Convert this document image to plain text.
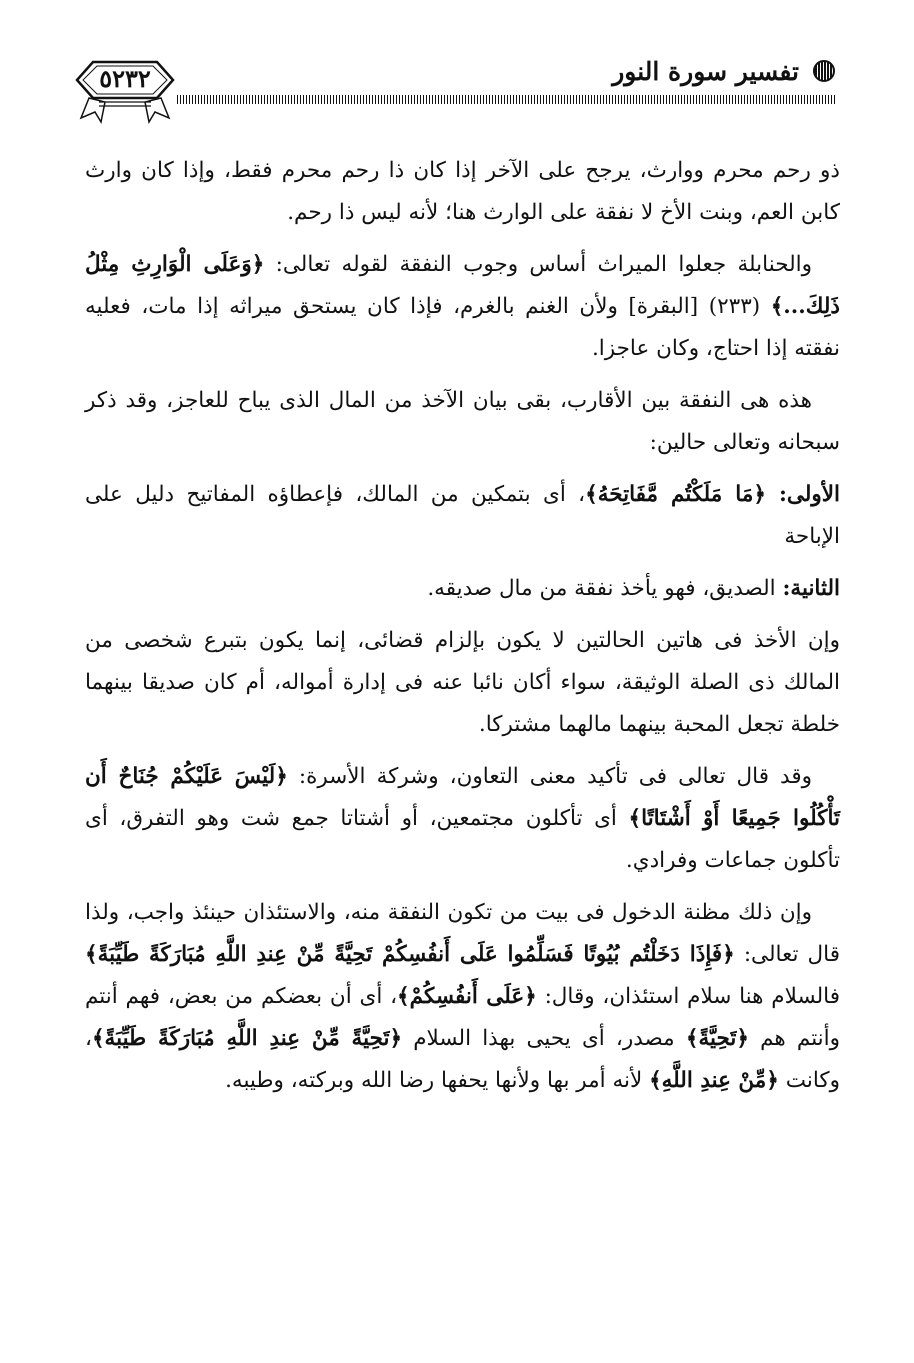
٥٢٣٢	تفسير سورة النور

ذو رحم محرم ووارث، يرجح على الآخر إذا كان ذا رحم محرم فقط، وإذا كان وارث كابن العم، وبنت الأخ لا نفقة على الوارث هنا؛ لأنه ليس ذا رحم.

والحنابلة جعلوا الميراث أساس وجوب النفقة لقوله تعالى: ﴿وَعَلَى الْوَارِثِ مِثْلُ ذَلِكَ...﴾ (٢٣٣) [البقرة] ولأن الغنم بالغرم، فإذا كان يستحق ميراثه إذا مات، فعليه نفقته إذا احتاج، وكان عاجزا.

هذه هى النفقة بين الأقارب، بقى بيان الآخذ من المال الذى يباح للعاجز، وقد ذكر سبحانه وتعالى حالين:

الأولى: ﴿مَا مَلَكْتُم مَّفَاتِحَهُ﴾، أى بتمكين من المالك، فإعطاؤه المفاتيح دليل على الإباحة

الثانية: الصديق، فهو يأخذ نفقة من مال صديقه.

وإن الأخذ فى هاتين الحالتين لا يكون بإلزام قضائى، إنما يكون بتبرع شخصى من المالك ذى الصلة الوثيقة، سواء أكان نائبا عنه فى إدارة أمواله، أم كان صديقا بينهما خلطة تجعل المحبة بينهما مالهما مشتركا.

وقد قال تعالى فى تأكيد معنى التعاون، وشركة الأسرة: ﴿لَيْسَ عَلَيْكُمْ جُنَاحٌ أَن تَأْكُلُوا جَمِيعًا أَوْ أَشْتَاتًا﴾ أى تأكلون مجتمعين، أو أشتاتا جمع شت وهو التفرق، أى تأكلون جماعات وفرادي.

وإن ذلك مظنة الدخول فى بيت من تكون النفقة منه، والاستئذان حينئذ واجب، ولذا قال تعالى: ﴿فَإِذَا دَخَلْتُم بُيُوتًا فَسَلِّمُوا عَلَى أَنفُسِكُمْ تَحِيَّةً مِّنْ عِندِ اللَّهِ مُبَارَكَةً طَيِّبَةً﴾ فالسلام هنا سلام استئذان، وقال: ﴿عَلَى أَنفُسِكُمْ﴾، أى أن بعضكم من بعض، فهم أنتم وأنتم هم ﴿تَحِيَّةً﴾ مصدر، أى يحيى بهذا السلام ﴿تَحِيَّةً مِّنْ عِندِ اللَّهِ مُبَارَكَةً طَيِّبَةً﴾، وكانت ﴿مِّنْ عِندِ اللَّهِ﴾ لأنه أمر بها ولأنها يحفها رضا الله وبركته، وطيبه.
